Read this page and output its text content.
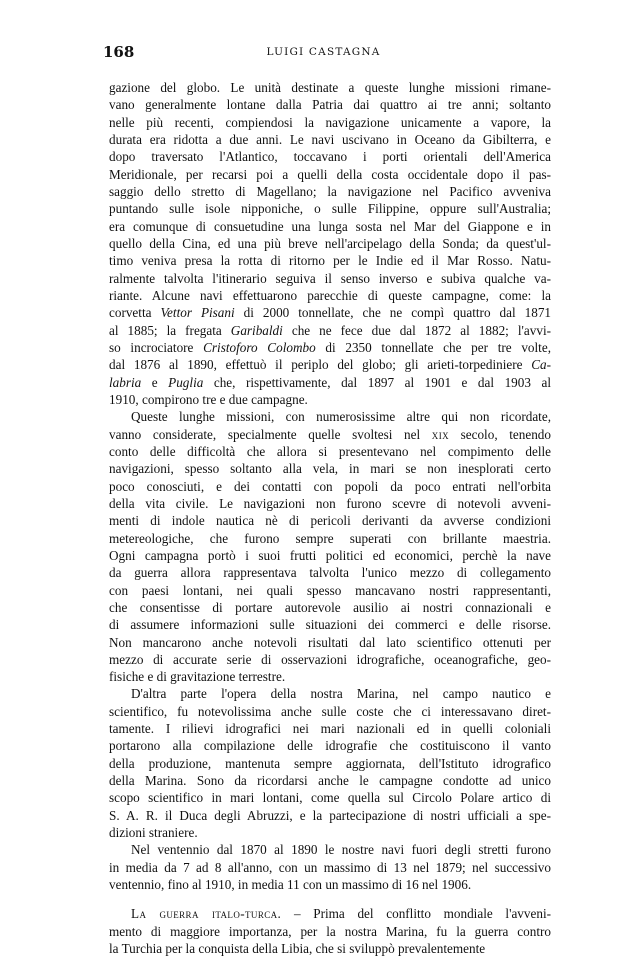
168	LUIGI CASTAGNA
gazione del globo. Le unità destinate a queste lunghe missioni rimane-
vano generalmente lontane dalla Patria dai quattro ai tre anni; soltanto
nelle più recenti, compiendosi la navigazione unicamente a vapore, la
durata era ridotta a due anni. Le navi uscivano in Oceano da Gibilterra, e
dopo traversato l'Atlantico, toccavano i porti orientali dell'America
Meridionale, per recarsi poi a quelli della costa occidentale dopo il pas-
saggio dello stretto di Magellano; la navigazione nel Pacifico avveniva
puntando sulle isole nipponiche, o sulle Filippine, oppure sull'Australia;
era comunque di consuetudine una lunga sosta nel Mar del Giappone e in
quello della Cina, ed una più breve nell'arcipelago della Sonda; da quest'ul-
timo veniva presa la rotta di ritorno per le Indie ed il Mar Rosso. Natu-
ralmente talvolta l'itinerario seguiva il senso inverso e subiva qualche va-
riante. Alcune navi effettuarono parecchie di queste campagne, come: la
corvetta Vettor Pisani di 2000 tonnellate, che ne compì quattro dal 1871
al 1885; la fregata Garibaldi che ne fece due dal 1872 al 1882; l'avvi-
so incrociatore Cristoforo Colombo di 2350 tonnellate che per tre volte,
dal 1876 al 1890, effettuò il periplo del globo; gli arieti-torpediniere Ca-
labria e Puglia che, rispettivamente, dal 1897 al 1901 e dal 1903 al
1910, compirono tre e due campagne.
Queste lunghe missioni, con numerosissime altre qui non ricordate,
vanno considerate, specialmente quelle svoltesi nel xix secolo, tenendo
conto delle difficoltà che allora si presentevano nel compimento delle
navigazioni, spesso soltanto alla vela, in mari se non inesplorati certo
poco conosciuti, e dei contatti con popoli da poco entrati nell'orbita
della vita civile. Le navigazioni non furono scevre di notevoli avveni-
menti di indole nautica nè di pericoli derivanti da avverse condizioni
metereologiche, che furono sempre superati con brillante maestria.
Ogni campagna portò i suoi frutti politici ed economici, perchè la nave
da guerra allora rappresentava talvolta l'unico mezzo di collegamento
con paesi lontani, nei quali spesso mancavano nostri rappresentanti,
che consentisse di portare autorevole ausilio ai nostri connazionali e
di assumere informazioni sulle situazioni dei commerci e delle risorse.
Non mancarono anche notevoli risultati dal lato scientifico ottenuti per
mezzo di accurate serie di osservazioni idrografiche, oceanografiche, geo-
fisiche e di gravitazione terrestre.
D'altra parte l'opera della nostra Marina, nel campo nautico e
scientifico, fu notevolissima anche sulle coste che ci interessavano diret-
tamente. I rilievi idrografici nei mari nazionali ed in quelli coloniali
portarono alla compilazione delle idrografie che costituiscono il vanto
della produzione, mantenuta sempre aggiornata, dell'Istituto idrografico
della Marina. Sono da ricordarsi anche le campagne condotte ad unico
scopo scientifico in mari lontani, come quella sul Circolo Polare artico di
S. A. R. il Duca degli Abruzzi, e la partecipazione di nostri ufficiali a spe-
dizioni straniere.
Nel ventennio dal 1870 al 1890 le nostre navi fuori degli stretti furono
in media da 7 ad 8 all'anno, con un massimo di 13 nel 1879; nel successivo
ventennio, fino al 1910, in media 11 con un massimo di 16 nel 1906.
La guerra italo-turca. – Prima del conflitto mondiale l'avveni-
mento di maggiore importanza, per la nostra Marina, fu la guerra contro
la Turchia per la conquista della Libia, che si sviluppò prevalentemente
